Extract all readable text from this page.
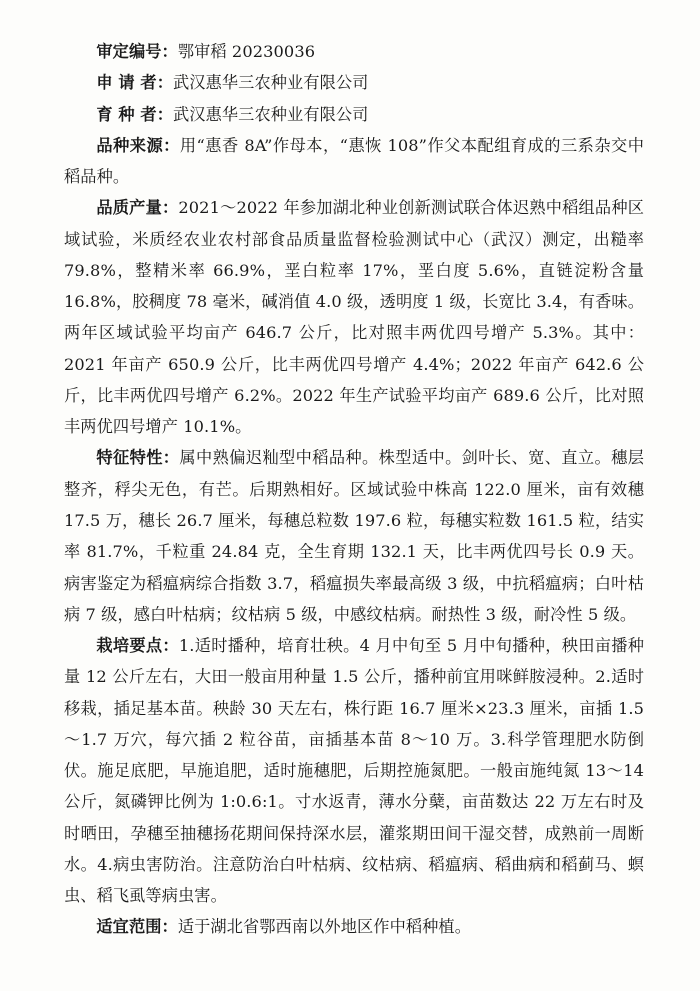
审定编号：鄂审稻 20230036

申 请 者：武汉惠华三农种业有限公司

育 种 者：武汉惠华三农种业有限公司

品种来源：用“惠香 8A”作母本，“惠恢 108”作父本配组育成的三系杂交中稻品种。

品质产量：2021～2022 年参加湖北种业创新测试联合体迟熟中稻组品种区域试验，米质经农业农村部食品质量监督检验测试中心（武汉）测定，出糙率 79.8%，整精米率 66.9%，垩白粒率 17%，垩白度 5.6%，直链淀粉含量 16.8%，胶稠度 78 毫米，碱消值 4.0 级，透明度 1 级，长宽比 3.4，有香味。两年区域试验平均亩产 646.7 公斤，比对照丰两优四号增产 5.3%。其中：2021 年亩产 650.9 公斤，比丰两优四号增产 4.4%；2022 年亩产 642.6 公斤，比丰两优四号增产 6.2%。2022 年生产试验平均亩产 689.6 公斤，比对照丰两优四号增产 10.1%。

特征特性：属中熟偏迟籼型中稻品种。株型适中。剑叶长、宽、直立。穗层整齐，稃尖无色，有芒。后期熟相好。区域试验中株高 122.0 厘米，亩有效穗 17.5 万，穗长 26.7 厘米，每穗总粒数 197.6 粒，每穗实粒数 161.5 粒，结实率 81.7%，千粒重 24.84 克，全生育期 132.1 天，比丰两优四号长 0.9 天。病害鉴定为稻瘟病综合指数 3.7，稻瘟损失率最高级 3 级，中抗稻瘟病；白叶枯病 7 级，感白叶枯病；纹枯病 5 级，中感纹枯病。耐热性 3 级，耐冷性 5 级。

栽培要点：1.适时播种，培育壮秧。4 月中旬至 5 月中旬播种，秧田亩播种量 12 公斤左右，大田一般亩用种量 1.5 公斤，播种前宜用咪鲜胺浸种。2.适时移栽，插足基本苗。秧龄 30 天左右，株行距 16.7 厘米×23.3 厘米，亩插 1.5～1.7 万穴，每穴插 2 粒谷苗，亩插基本苗 8～10 万。3.科学管理肥水防倒伏。施足底肥，早施追肥，适时施穗肥，后期控施氮肥。一般亩施纯氮 13～14 公斤，氮磷钾比例为 1:0.6:1。寸水返青，薄水分蘖，亩苗数达 22 万左右时及时晒田，孕穗至抽穗扬花期间保持深水层，灌浆期田间干湿交替，成熟前一周断水。4.病虫害防治。注意防治白叶枯病、纹枯病、稻瘟病、稻曲病和稻蓟马、螟虫、稻飞虱等病虫害。

适宜范围：适于湖北省鄂西南以外地区作中稻种植。
